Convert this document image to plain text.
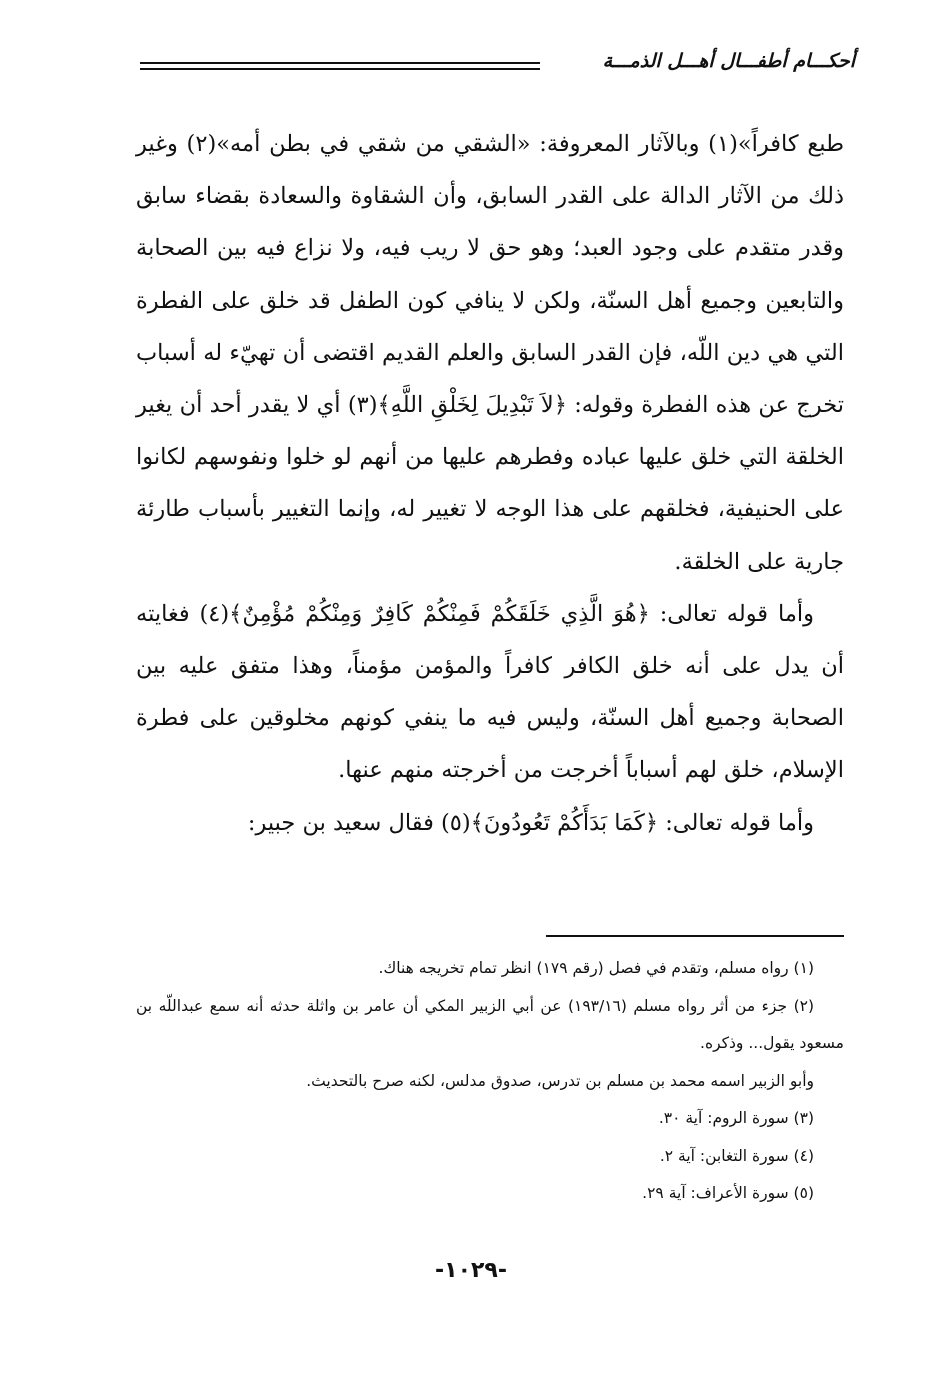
أحكـــام أطفـــال أهـــل الذمـــة

طبع كافراً»(١) وبالآثار المعروفة: «الشقي من شقي في بطن أمه»(٢) وغير ذلك من الآثار الدالة على القدر السابق، وأن الشقاوة والسعادة بقضاء سابق وقدر متقدم على وجود العبد؛ وهو حق لا ريب فيه، ولا نزاع فيه بين الصحابة والتابعين وجميع أهل السنّة، ولكن لا ينافي كون الطفل قد خلق على الفطرة التي هي دين اللّه، فإن القدر السابق والعلم القديم اقتضى أن تهيّء له أسباب تخرج عن هذه الفطرة وقوله: ﴿لاَ تَبْدِيلَ لِخَلْقِ اللَّهِ﴾(٣) أي لا يقدر أحد أن يغير الخلقة التي خلق عليها عباده وفطرهم عليها من أنهم لو خلوا ونفوسهم لكانوا على الحنيفية، فخلقهم على هذا الوجه لا تغيير له، وإنما التغيير بأسباب طارئة جارية على الخلقة.

وأما قوله تعالى: ﴿هُوَ الَّذِي خَلَقَكُمْ فَمِنْكُمْ كَافِرٌ وَمِنْكُمْ مُؤْمِنٌ﴾(٤) فغايته أن يدل على أنه خلق الكافر كافراً والمؤمن مؤمناً، وهذا متفق عليه بين الصحابة وجميع أهل السنّة، وليس فيه ما ينفي كونهم مخلوقين على فطرة الإسلام، خلق لهم أسباباً أخرجت من أخرجته منهم عنها.

وأما قوله تعالى: ﴿كَمَا بَدَأَكُمْ تَعُودُونَ﴾(٥) فقال سعيد بن جبير:

(١) رواه مسلم، وتقدم في فصل (رقم ١٧٩) انظر تمام تخريجه هناك.

(٢) جزء من أثر رواه مسلم (١٩٣/١٦) عن أبي الزبير المكي أن عامر بن واثلة حدثه أنه سمع عبداللّه بن مسعود يقول... وذكره.

وأبو الزبير اسمه محمد بن مسلم بن تدرس، صدوق مدلس، لكنه صرح بالتحديث.

(٣) سورة الروم: آية ٣٠.

(٤) سورة التغابن: آية ٢.

(٥) سورة الأعراف: آية ٢٩.

-١٠٢٩-
